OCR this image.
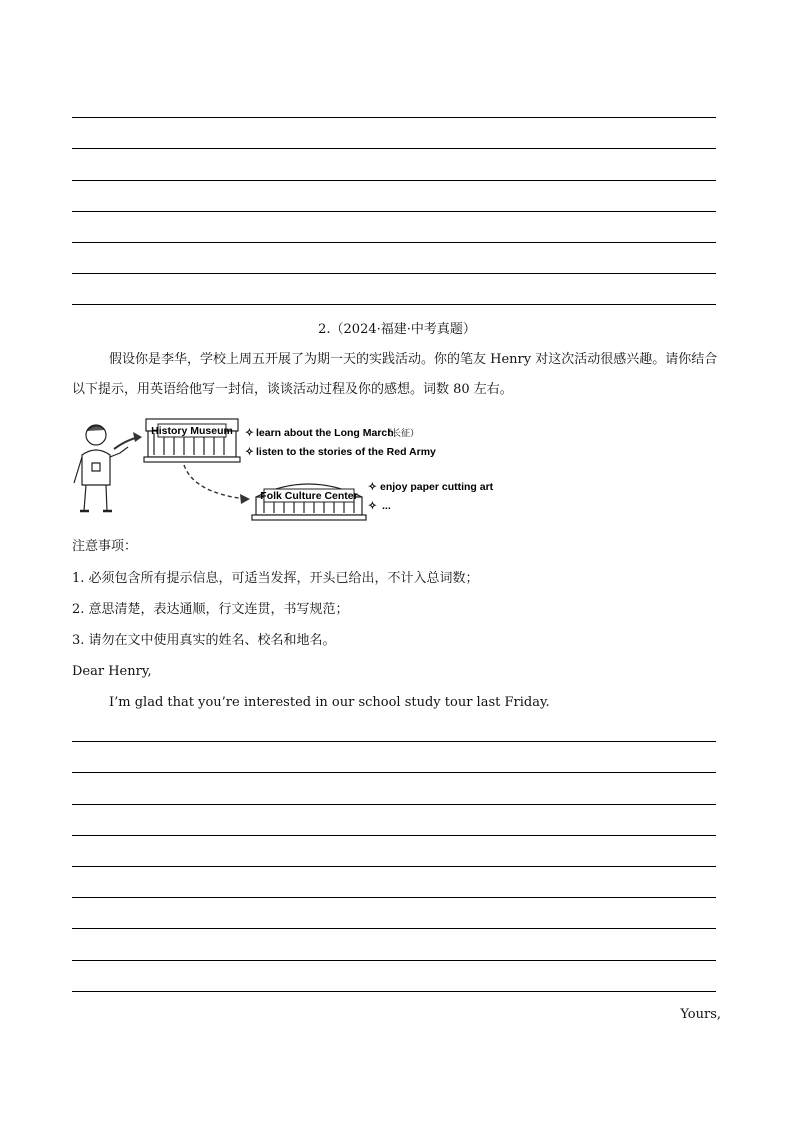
2.（2024·福建·中考真题）
假设你是李华，学校上周五开展了为期一天的实践活动。你的笔友 Henry 对这次活动很感兴趣。请你结合以下提示，用英语给他写一封信，谈谈活动过程及你的感想。词数 80 左右。
History Museum ✧ learn about the Long March
（长征）
✧ listen to the stories of the Red Army
Folk Culture Center
✧ enjoy paper cutting art
✧ ...
注意事项：
1. 必须包含所有提示信息，可适当发挥，开头已给出，不计入总词数；
2. 意思清楚，表达通顺，行文连贯，书写规范；
3. 请勿在文中使用真实的姓名、校名和地名。
Dear Henry,
I’m glad that you’re interested in our school study tour last Friday.
Yours,
